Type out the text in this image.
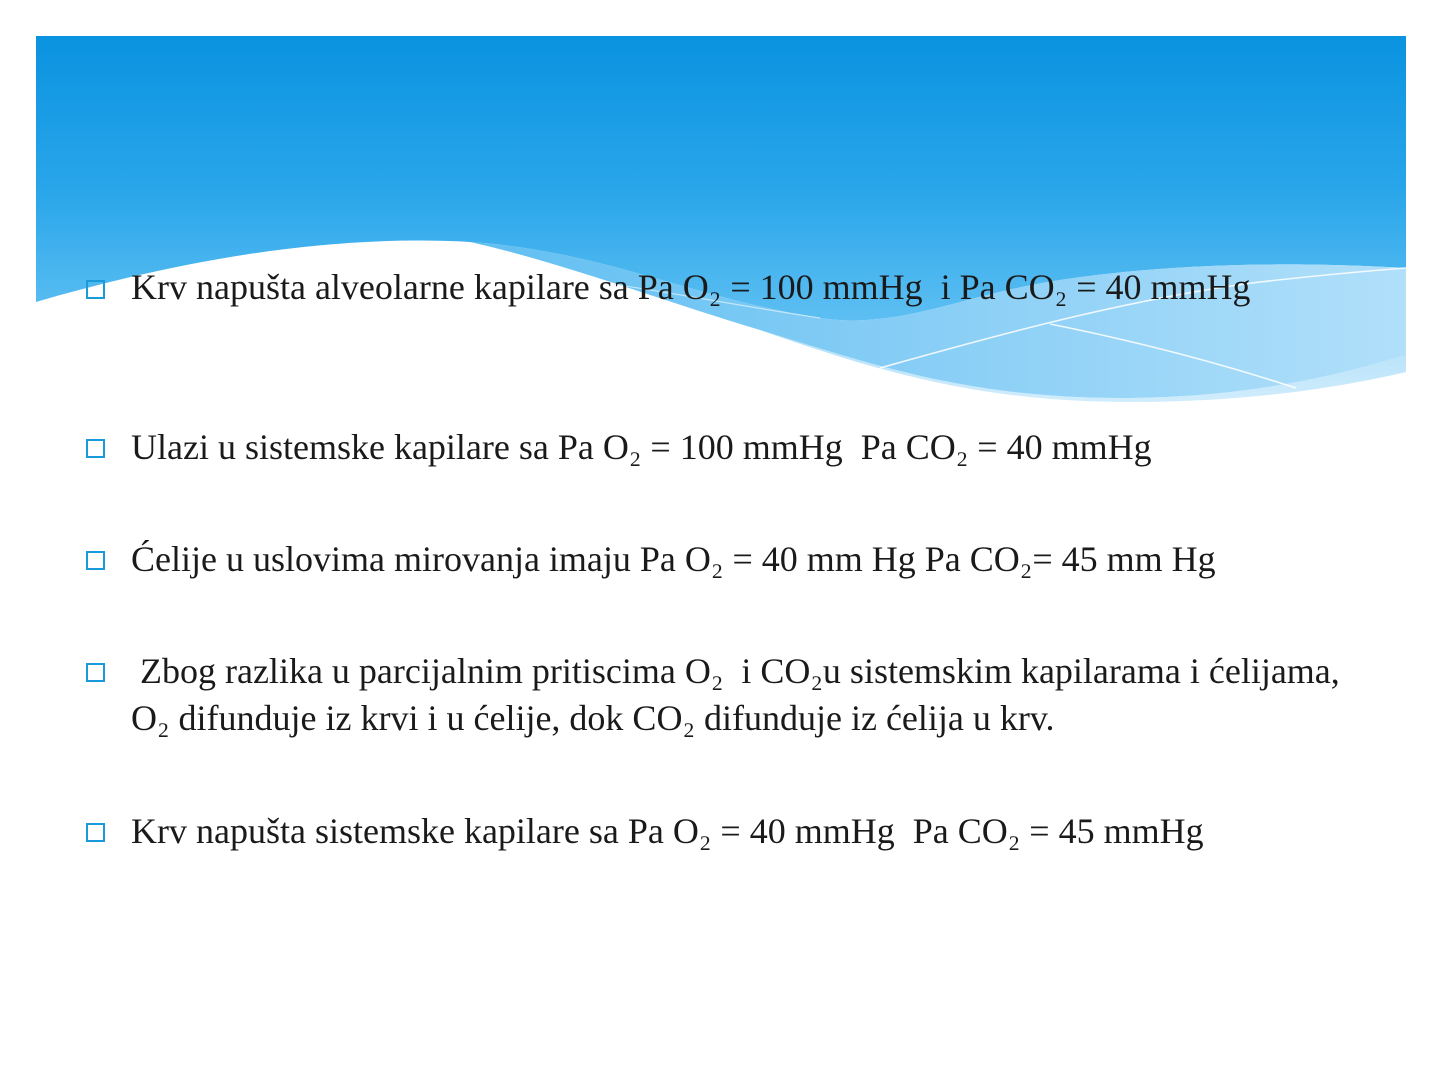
Krv napušta alveolarne kapilare sa Pa O₂ = 100 mmHg  i Pa CO₂ = 40 mmHg
Ulazi u sistemske kapilare sa Pa O₂ = 100 mmHg  Pa CO₂ = 40 mmHg
Ćelije u uslovima mirovanja imaju Pa O₂ = 40 mm Hg Pa CO₂= 45 mm Hg
Zbog razlika u parcijalnim pritiscima O₂  i CO₂u sistemskim kapilarama i ćelijama, O₂ difunduje iz krvi i u ćelije, dok CO₂ difunduje iz ćelija u krv.
Krv napušta sistemske kapilare sa Pa O₂ = 40 mmHg  Pa CO₂ = 45 mmHg
